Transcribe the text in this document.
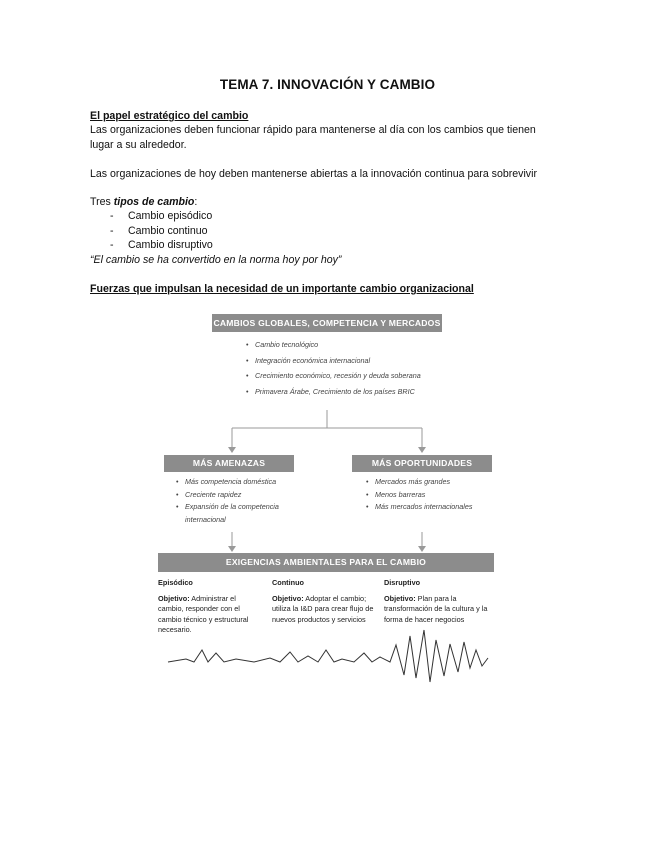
TEMA 7. INNOVACIÓN Y CAMBIO
El papel estratégico del cambio
Las organizaciones deben funcionar rápido para mantenerse al día con los cambios que tienen
lugar a su alrededor.
Las organizaciones de hoy deben mantenerse abiertas a la innovación continua para sobrevivir
Tres tipos de cambio:
- Cambio episódico
- Cambio continuo
- Cambio disruptivo
“El cambio se ha convertido en la norma hoy por hoy”
Fuerzas que impulsan la necesidad de un importante cambio organizacional
CAMBIOS GLOBALES, COMPETENCIA Y MERCADOS
• Cambio tecnológico
• Integración económica internacional
• Crecimiento económico, recesión y deuda soberana
• Primavera Árabe, Crecimiento de los países BRIC
MÁS AMENAZAS
• Más competencia doméstica
• Creciente rapidez
• Expansión de la competencia internacional
MÁS OPORTUNIDADES
• Mercados más grandes
• Menos barreras
• Más mercados internacionales
EXIGENCIAS AMBIENTALES PARA EL CAMBIO
Episódico
Objetivo: Administrar el cambio, responder con el cambio técnico y estructural necesario.
Continuo
Objetivo: Adoptar el cambio; utiliza la I&D para crear flujo de nuevos productos y servicios
Disruptivo
Objetivo: Plan para la transformación de la cultura y la forma de hacer negocios
